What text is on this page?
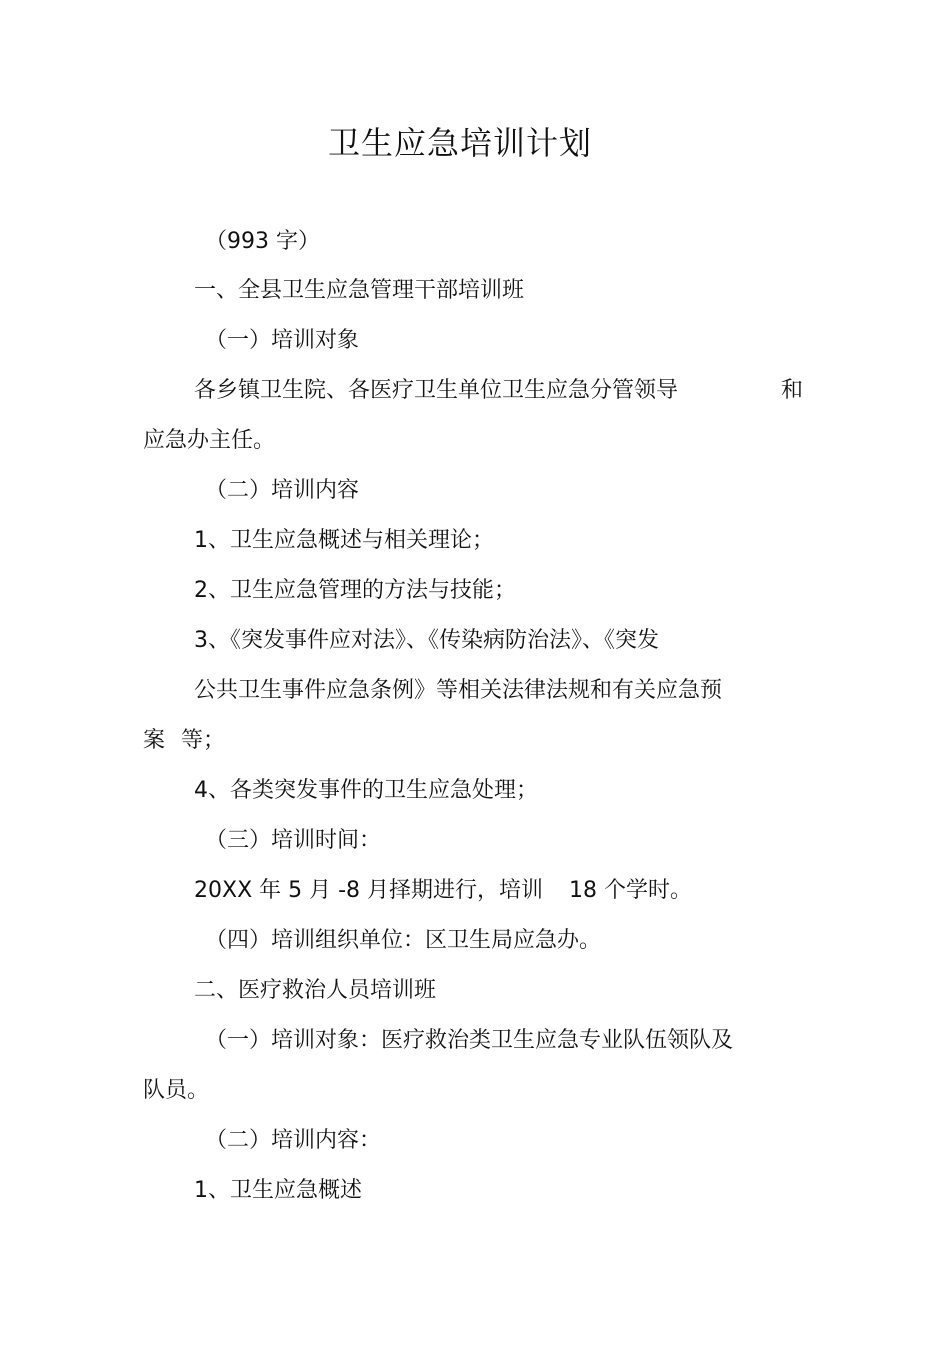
卫生应急培训计划
（993 字）
一、全县卫生应急管理干部培训班
（一）培训对象
各乡镇卫生院、各医疗卫生单位卫生应急分管领导	和
应急办主任。
（二）培训内容
1、卫生应急概述与相关理论；
2、卫生应急管理的方法与技能；
3、《突发事件应对法》、《传染病防治法》、《突发
公共卫生事件应急条例》等相关法律法规和有关应急预
案 等；
4、各类突发事件的卫生应急处理；
（三）培训时间：
20XX 年 5 月 -8 月择期进行，培训 18 个学时。
（四）培训组织单位：区卫生局应急办。
二、医疗救治人员培训班
（一）培训对象：医疗救治类卫生应急专业队伍领队及
队员。
（二）培训内容：
1、卫生应急概述
